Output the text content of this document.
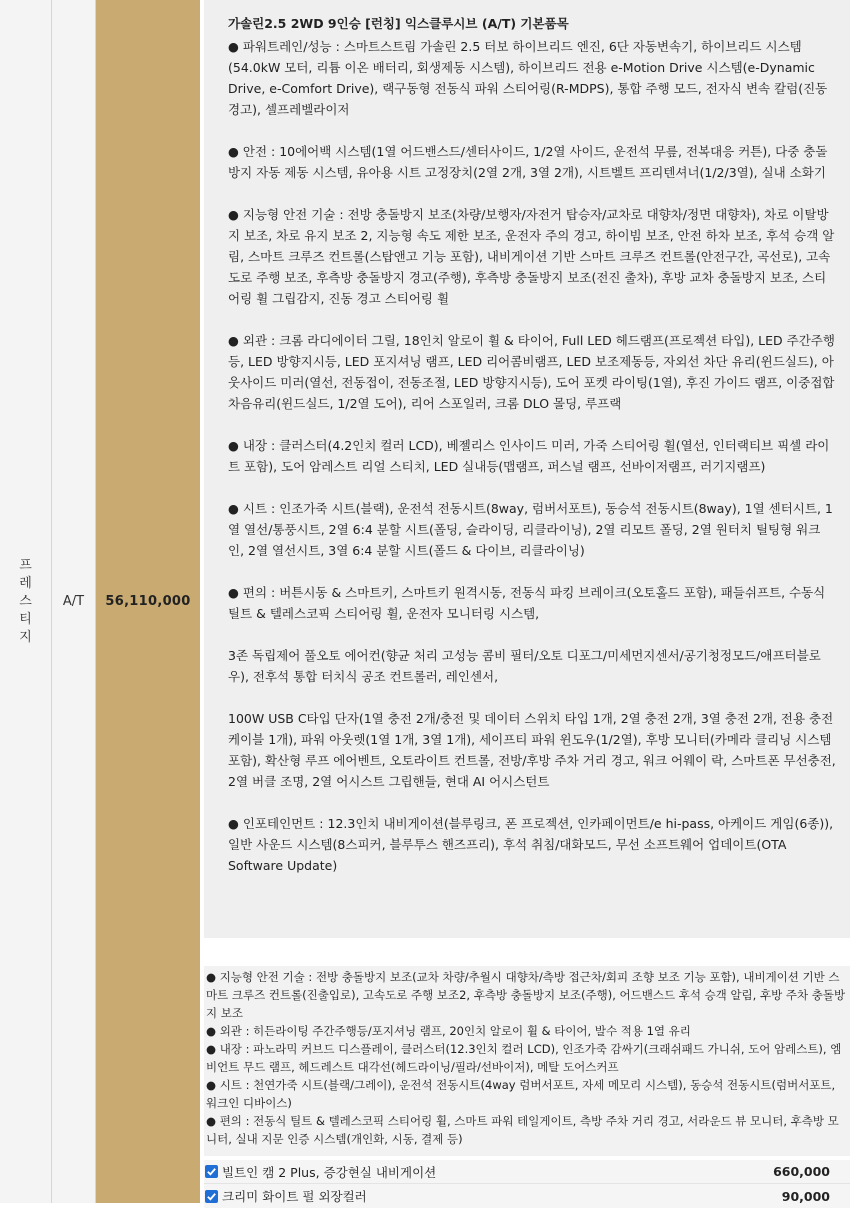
프레스티지
A/T 56,110,000
가솔린2.5 2WD 9인승 [런칭] 익스클루시브 (A/T) 기본품목
● 파워트레인/성능 : 스마트스트림 가솔린 2.5 터보 하이브리드 엔진, 6단 자동변속기, 하이브리드 시스템(54.0kW 모터, 리튬 이온 배터리, 회생제동 시스템), 하이브리드 전용 e-Motion Drive 시스템(e-Dynamic Drive, e-Comfort Drive), 랙구동형 전동식 파워 스티어링(R-MDPS), 통합 주행 모드, 전자식 변속 칼럼(진동 경고), 셀프레벨라이저
● 안전 : 10에어백 시스템(1열 어드밴스드/센터사이드, 1/2열 사이드, 운전석 무릎, 전복대응 커튼), 다중 충돌방지 자동 제동 시스템, 유아용 시트 고정장치(2열 2개, 3열 2개), 시트벨트 프리텐셔너(1/2/3열), 실내 소화기
● 지능형 안전 기술 : 전방 충돌방지 보조(차량/보행자/자전거 탑승자/교차로 대향차/정면 대향차), 차로 이탈방지 보조, 차로 유지 보조 2, 지능형 속도 제한 보조, 운전자 주의 경고, 하이빔 보조, 안전 하차 보조, 후석 승객 알림, 스마트 크루즈 컨트롤(스탑앤고 기능 포함), 내비게이션 기반 스마트 크루즈 컨트롤(안전구간, 곡선로), 고속도로 주행 보조, 후측방 충돌방지 경고(주행), 후측방 충돌방지 보조(전진 출차), 후방 교차 충돌방지 보조, 스티어링 휠 그립감지, 진동 경고 스티어링 휠
● 외관 : 크롬 라디에이터 그릴, 18인치 알로이 휠 & 타이어, Full LED 헤드램프(프로젝션 타입), LED 주간주행등, LED 방향지시등, LED 포지셔닝 램프, LED 리어콤비램프, LED 보조제동등, 자외선 차단 유리(윈드실드), 아웃사이드 미러(열선, 전동접이, 전동조절, LED 방향지시등), 도어 포켓 라이팅(1열), 후진 가이드 램프, 이중접합 차음유리(윈드실드, 1/2열 도어), 리어 스포일러, 크롬 DLO 몰딩, 루프랙
● 내장 : 클러스터(4.2인치 컬러 LCD), 베젤리스 인사이드 미러, 가죽 스티어링 휠(열선, 인터랙티브 픽셀 라이트 포함), 도어 암레스트 리얼 스티치, LED 실내등(맵램프, 퍼스널 램프, 선바이저램프, 러기지램프)
● 시트 : 인조가죽 시트(블랙), 운전석 전동시트(8way, 럼버서포트), 동승석 전동시트(8way), 1열 센터시트, 1열 열선/통풍시트, 2열 6:4 분할 시트(폴딩, 슬라이딩, 리클라이닝), 2열 리모트 폴딩, 2열 원터치 틸팅형 워크인, 2열 열선시트, 3열 6:4 분할 시트(폴드 & 다이브, 리클라이닝)
● 편의 : 버튼시동 & 스마트키, 스마트키 원격시동, 전동식 파킹 브레이크(오토홀드 포함), 패들쉬프트, 수동식 틸트 & 텔레스코픽 스티어링 휠, 운전자 모니터링 시스템,
3존 독립제어 풀오토 에어컨(향균 처리 고성능 콤비 필터/오토 디포그/미세먼지센서/공기청정모드/애프터블로우), 전후석 통합 터치식 공조 컨트롤러, 레인센서,
100W USB C타입 단자(1열 충전 2개/충전 및 데이터 스위치 타입 1개, 2열 충전 2개, 3열 충전 2개, 전용 충전 케이블 1개), 파워 아웃렛(1열 1개, 3열 1개), 세이프티 파워 윈도우(1/2열), 후방 모니터(카메라 클리닝 시스템 포함), 확산형 루프 에어벤트, 오토라이트 컨트롤, 전방/후방 주차 거리 경고, 워크 어웨이 락, 스마트폰 무선충전, 2열 버클 조명, 2열 어시스트 그립핸들, 현대 AI 어시스턴트
● 인포테인먼트 : 12.3인치 내비게이션(블루링크, 폰 프로젝션, 인카페이먼트/e hi-pass, 아케이드 게임(6종)), 일반 사운드 시스템(8스피커, 블루투스 핸즈프리), 후석 취침/대화모드, 무선 소프트웨어 업데이트(OTA Software Update)
● 지능형 안전 기술 : 전방 충돌방지 보조(교차 차량/추월시 대향차/측방 접근차/회피 조향 보조 기능 포함), 내비게이션 기반 스마트 크루즈 컨트롤(진출입로), 고속도로 주행 보조2, 후측방 충돌방지 보조(주행), 어드밴스드 후석 승객 알림, 후방 주차 충돌방지 보조
● 외관 : 히든라이팅 주간주행등/포지셔닝 램프, 20인치 알로이 휠 & 타이어, 발수 적용 1열 유리
● 내장 : 파노라믹 커브드 디스플레이, 클러스터(12.3인치 컬러 LCD), 인조가죽 감싸기(크래쉬패드 가니쉬, 도어 암레스트), 엠비언트 무드 램프, 헤드레스트 대각선(헤드라이닝/필라/선바이저), 메탈 도어스커프
● 시트 : 천연가죽 시트(블랙/그레이), 운전석 전동시트(4way 럼버서포트, 자세 메모리 시스템), 동승석 전동시트(럼버서포트, 워크인 디바이스)
● 편의 : 전동식 틸트 & 텔레스코픽 스티어링 휠, 스마트 파워 테일게이트, 측방 주차 거리 경고, 서라운드 뷰 모니터, 후측방 모니터, 실내 지문 인증 시스템(개인화, 시동, 결제 등)
빌트인 캠 2 Plus, 증강현실 내비게이션	660,000
크리미 화이트 펄 외장컬러	90,000
